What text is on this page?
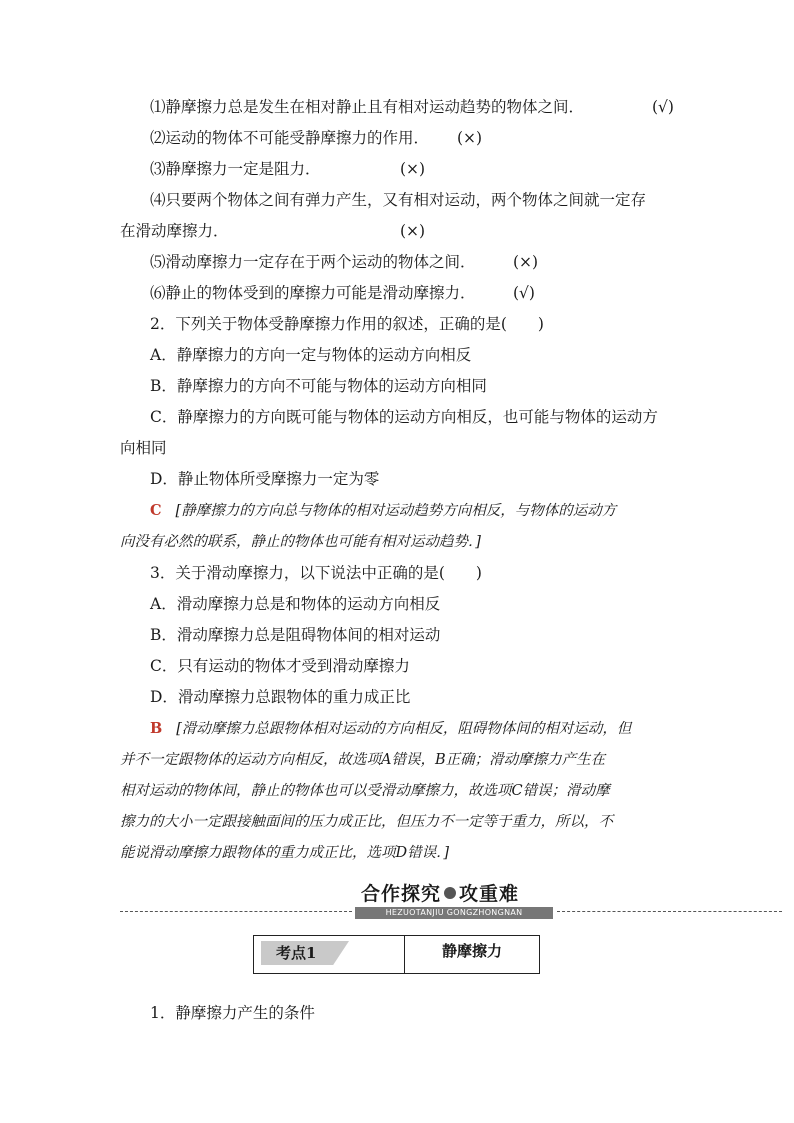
⑴静摩擦力总是发生在相对静止且有相对运动趋势的物体之间．	(√)
⑵运动的物体不可能受静摩擦力的作用． (×)
⑶静摩擦力一定是阻力．	(×)
⑷只要两个物体之间有弹力产生，又有相对运动，两个物体之间就一定存
在滑动摩擦力．	(×)
⑸滑动摩擦力一定存在于两个运动的物体之间． (×)
⑹静止的物体受到的摩擦力可能是滑动摩擦力． (√)
2．下列关于物体受静摩擦力作用的叙述，正确的是(　　)
A．静摩擦力的方向一定与物体的运动方向相反
B．静摩擦力的方向不可能与物体的运动方向相同
C．静摩擦力的方向既可能与物体的运动方向相反，也可能与物体的运动方
向相同
D．静止物体所受摩擦力一定为零
C [静摩擦力的方向总与物体的相对运动趋势方向相反，与物体的运动方
向没有必然的联系，静止的物体也可能有相对运动趋势．]
3．关于滑动摩擦力，以下说法中正确的是(　　)
A．滑动摩擦力总是和物体的运动方向相反
B．滑动摩擦力总是阻碍物体间的相对运动
C．只有运动的物体才受到滑动摩擦力
D．滑动摩擦力总跟物体的重力成正比
B [滑动摩擦力总跟物体相对运动的方向相反，阻碍物体间的相对运动，但
并不一定跟物体的运动方向相反，故选项A错误，B正确；滑动摩擦力产生在
相对运动的物体间，静止的物体也可以受滑动摩擦力，故选项C错误；滑动摩
擦力的大小一定跟接触面间的压力成正比，但压力不一定等于重力，所以，不
能说滑动摩擦力跟物体的重力成正比，选项D错误．]
合作探究 攻重难
HEZUOTANJIU GONGZHONGNAN
考点1	静摩擦力
1．静摩擦力产生的条件
